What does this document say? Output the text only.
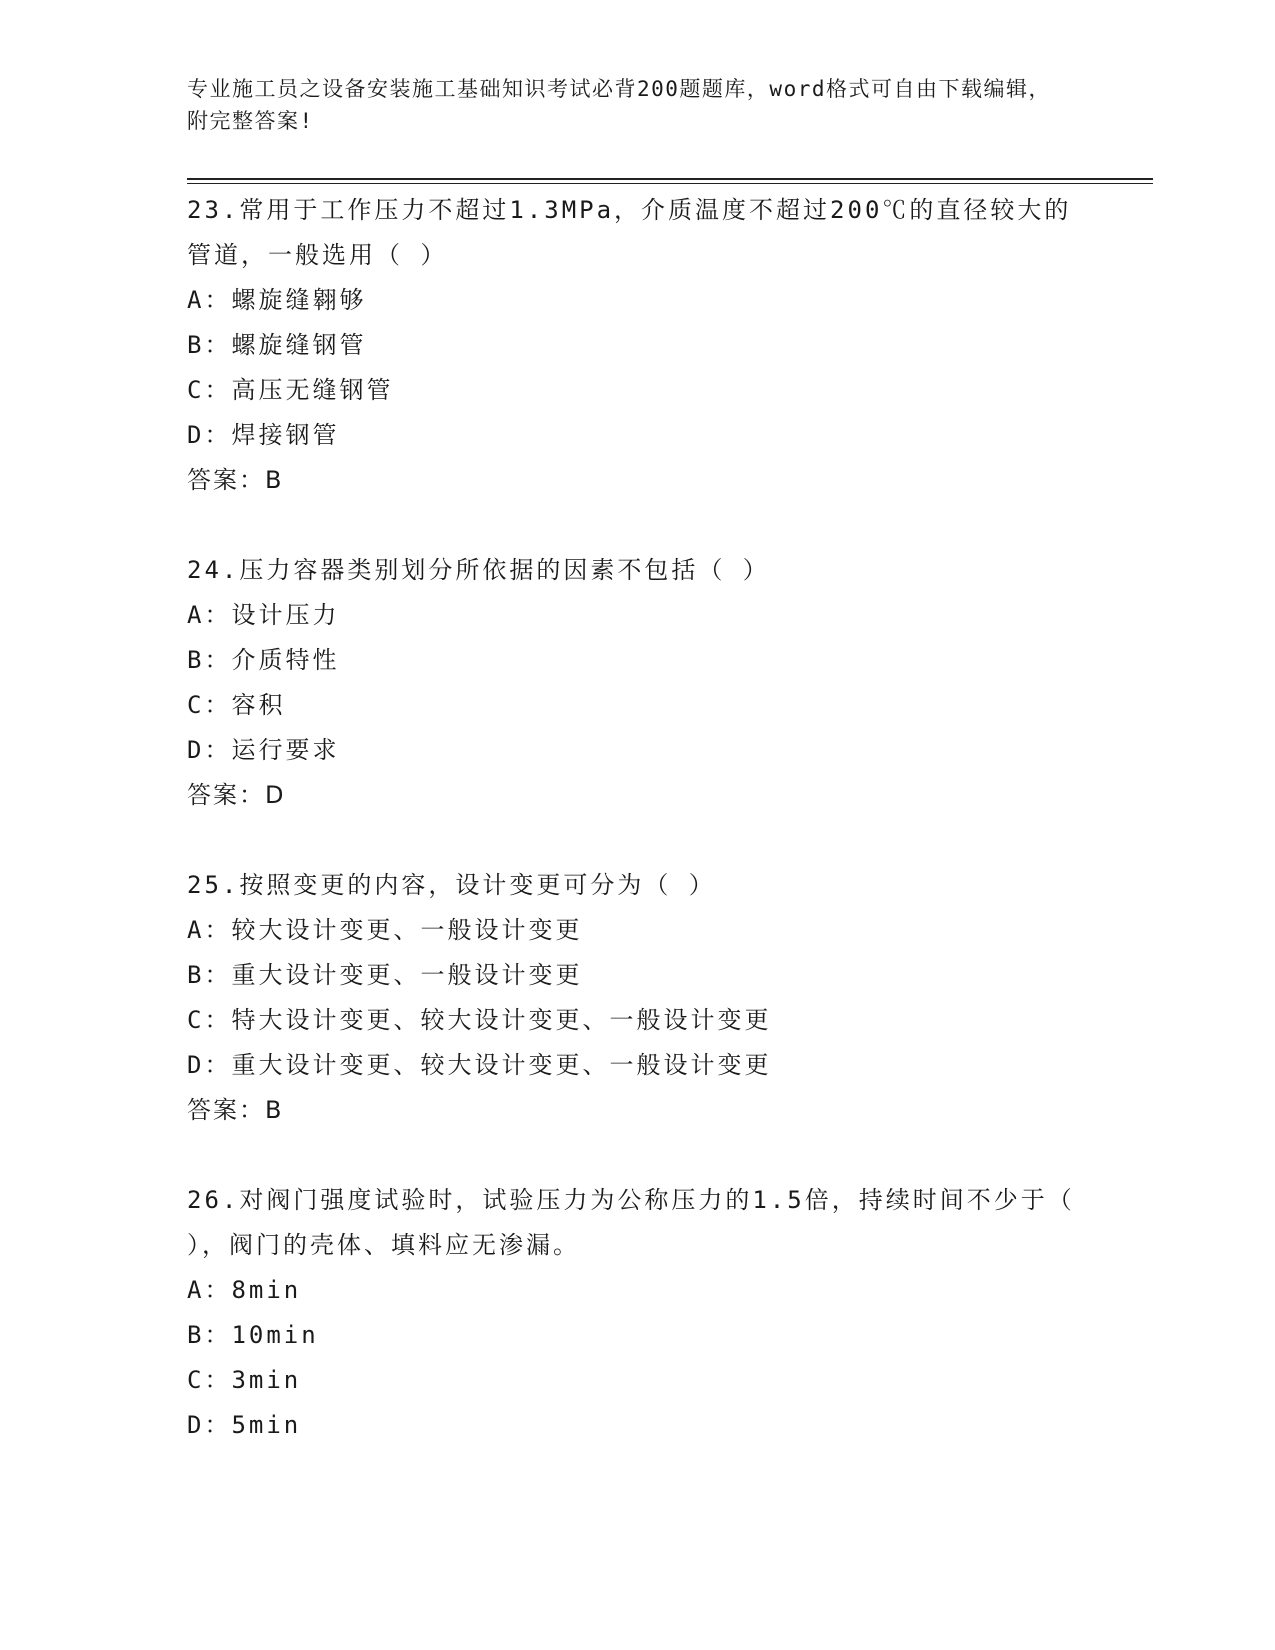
专业施工员之设备安装施工基础知识考试必背200题题库，word格式可自由下载编辑，附完整答案!

23.常用于工作压力不超过1.3MPa，介质温度不超过200℃的直径较大的管道，一般选用（ ）

A：螺旋缝翱够

B：螺旋缝钢管

C：高压无缝钢管

D：焊接钢管

答案：B

24.压力容器类别划分所依据的因素不包括（ ）

A：设计压力

B：介质特性

C：容积

D：运行要求

答案：D

25.按照变更的内容，设计变更可分为（ ）

A：较大设计变更、一般设计变更

B：重大设计变更、一般设计变更

C：特大设计变更、较大设计变更、一般设计变更

D：重大设计变更、较大设计变更、一般设计变更

答案：B

26.对阀门强度试验时，试验压力为公称压力的1.5倍，持续时间不少于（ ），阀门的壳体、填料应无渗漏。

A：8min

B：10min

C：3min

D：5min
